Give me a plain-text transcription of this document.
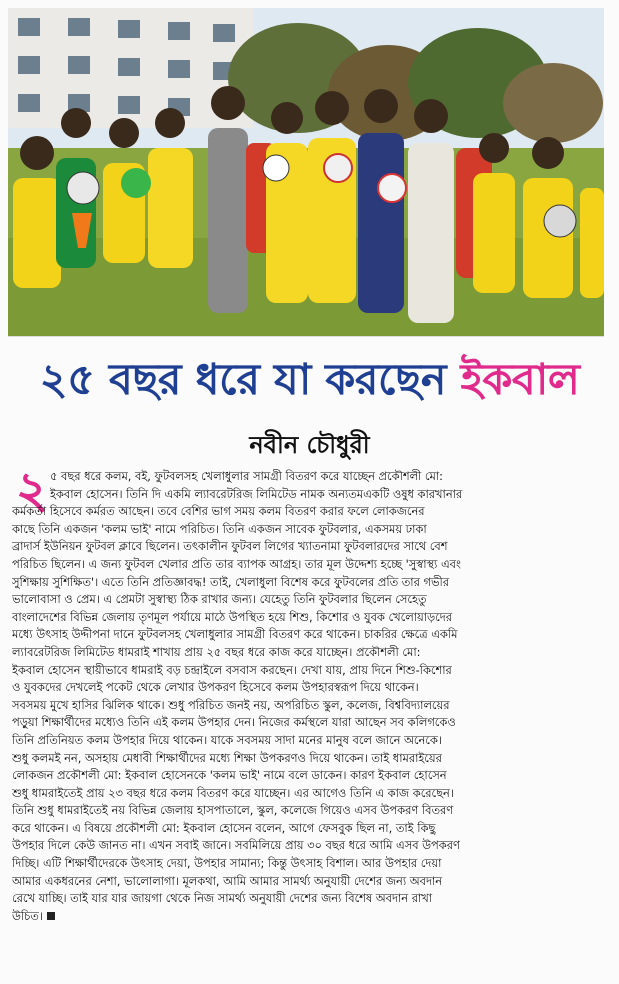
২৫ বছর ধরে যা করছেন ইকবাল
নবীন চৌধুরী
২ ৫ বছর ধরে কলম, বই, ফুটবলসহ খেলাধুলার সামগ্রী বিতরণ করে যাচ্ছেন প্রকৌশলী মো:
ইকবাল হোসেন। তিনি দি একমি ল্যাবরেটরিজ লিমিটেড নামক অন্যতমএকটি ওষুধ কারখানার
কর্মকর্তা হিসেবে কর্মরত আছেন। তবে বেশির ভাগ সময় কলম বিতরণ করার ফলে লোকজনের
কাছে তিনি একজন 'কলম ভাই' নামে পরিচিত। তিনি একজন সাবেক ফুটবলার, একসময় ঢাকা
ব্রাদার্স ইউনিয়ন ফুটবল ক্লাবে ছিলেন। তৎকালীন ফুটবল লিগের খ্যাতনামা ফুটবলারদের সাথে বেশ
পরিচিত ছিলেন। এ জন্য ফুটবল খেলার প্রতি তার ব্যাপক আগ্রহ। তার মূল উদ্দেশ্য হচ্ছে 'সুস্বাস্থ্য এবং
সুশিক্ষায় সুশিক্ষিত'। এতে তিনি প্রতিজ্ঞাবদ্ধ! তাই, খেলাধুলা বিশেষ করে ফুটবলের প্রতি তার গভীর
ভালোবাসা ও প্রেম। এ প্রেমটা সুস্বাস্থ্য ঠিক রাখার জন্য। যেহেতু তিনি ফুটবলার ছিলেন সেহেতু
বাংলাদেশের বিভিন্ন জেলায় তৃণমূল পর্যায়ে মাঠে উপস্থিত হয়ে শিশু, কিশোর ও যুবক খেলোয়াড়দের
মধ্যে উৎসাহ উদ্দীপনা দানে ফুটবলসহ খেলাধুলার সামগ্রী বিতরণ করে থাকেন। চাকরির ক্ষেত্রে একমি
ল্যাবরেটরিজ লিমিটেড ধামরাই শাখায় প্রায় ২৫ বছর ধরে কাজ করে যাচ্ছেন। প্রকৌশলী মো:
ইকবাল হোসেন স্থায়ীভাবে ধামরাই বড় চন্দ্রাইলে বসবাস করছেন। দেখা যায়, প্রায় দিনে শিশু-কিশোর
ও যুবকদের দেখলেই পকেট থেকে লেখার উপকরণ হিসেবে কলম উপহারস্বরূপ দিয়ে থাকেন।
সবসময় মুখে হাসির ঝিলিক থাকে। শুধু পরিচিত জনই নয়, অপরিচিত স্কুল, কলেজ, বিশ্ববিদ্যালয়ের
পড়ুয়া শিক্ষার্থীদের মধ্যেও তিনি এই কলম উপহার দেন। নিজের কর্মস্থলে যারা আছেন সব কলিগকেও
তিনি প্রতিনিয়ত কলম উপহার দিয়ে থাকেন। যাকে সবসময় সাদা মনের মানুষ বলে জানে অনেকে।
শুধু কলমই নন, অসহায় মেধাবী শিক্ষার্থীদের মধ্যে শিক্ষা উপকরণও দিয়ে থাকেন। তাই ধামরাইয়ের
লোকজন প্রকৌশলী মো: ইকবাল হোসেনকে 'কলম ভাই' নামে বলে ডাকেন। কারণ ইকবাল হোসেন
শুধু ধামরাইতেই প্রায় ২৩ বছর ধরে কলম বিতরণ করে যাচ্ছেন। এর আগেও তিনি এ কাজ করেছেন।
তিনি শুধু ধামরাইতেই নয় বিভিন্ন জেলায় হাসপাতালে, স্কুল, কলেজে গিয়েও এসব উপকরণ বিতরণ
করে থাকেন। এ বিষয়ে প্রকৌশলী মো: ইকবাল হোসেন বলেন, আগে ফেসবুক ছিল না, তাই কিছু
উপহার দিলে কেউ জানত না। এখন সবাই জানে। সবমিলিয়ে প্রায় ৩০ বছর ধরে আমি এসব উপকরণ
দিচ্ছি। এটি শিক্ষার্থীদেরকে উৎসাহ দেয়া, উপহার সামান্য; কিন্তু উৎসাহ বিশাল। আর উপহার দেয়া
আমার একধরনের নেশা, ভালোলাগা। মূলকথা, আমি আমার সামর্থ্য অনুযায়ী দেশের জন্য অবদান
রেখে যাচ্ছি। তাই যার যার জায়গা থেকে নিজ সামর্থ্য অনুযায়ী দেশের জন্য বিশেষ অবদান রাখা
উচিত।
